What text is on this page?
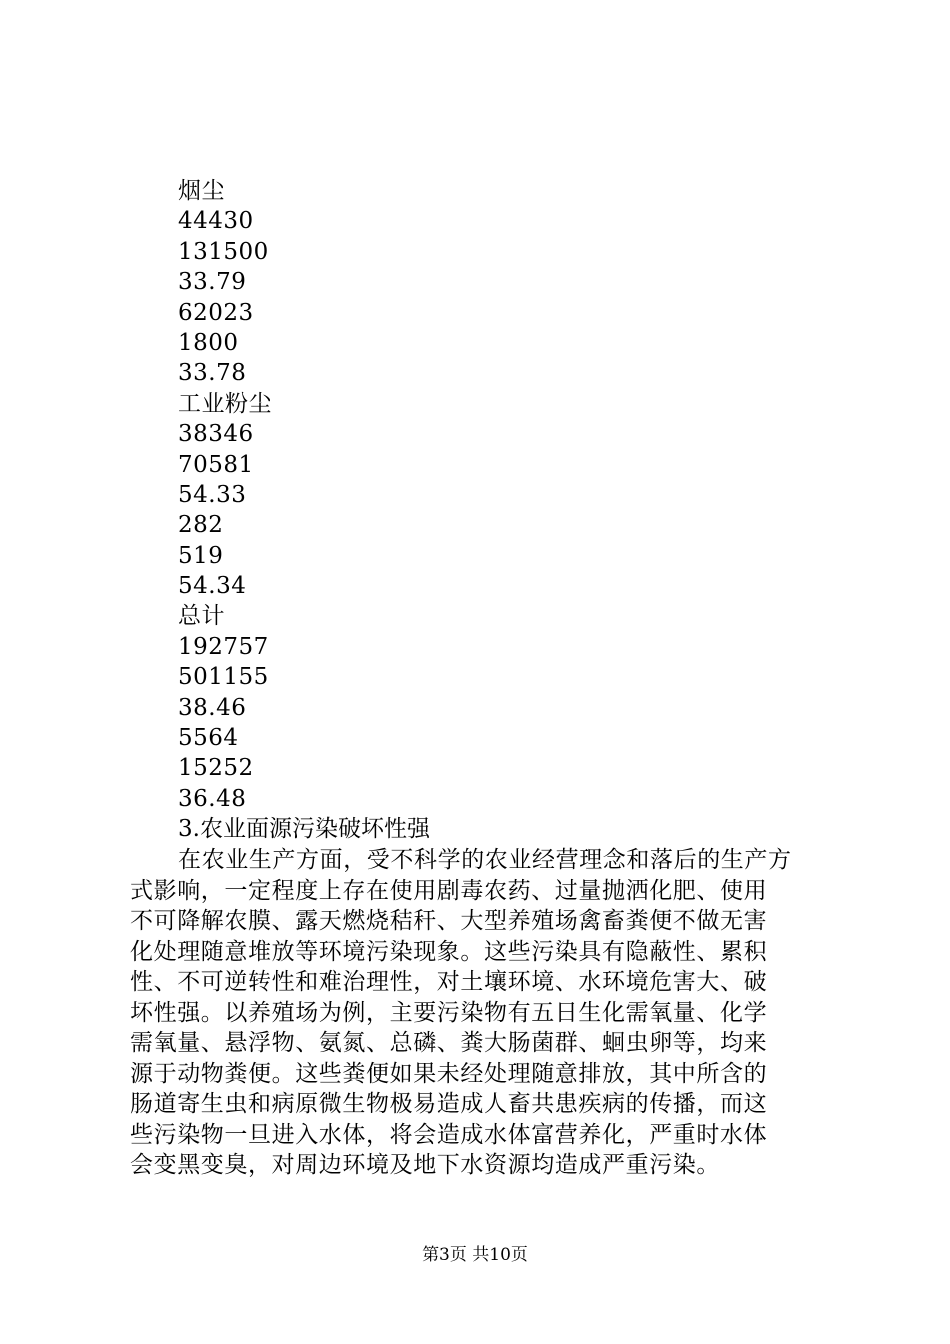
烟尘
44430
131500
33.79
62023
1800
33.78
工业粉尘
38346
70581
54.33
282
519
54.34
总计
192757
501155
38.46
5564
15252
36.48
3.农业面源污染破坏性强
在农业生产方面，受不科学的农业经营理念和落后的生产方
式影响，一定程度上存在使用剧毒农药、过量抛洒化肥、使用
不可降解农膜、露天燃烧秸秆、大型养殖场禽畜粪便不做无害
化处理随意堆放等环境污染现象。这些污染具有隐蔽性、累积
性、不可逆转性和难治理性，对土壤环境、水环境危害大、破
坏性强。以养殖场为例，主要污染物有五日生化需氧量、化学
需氧量、悬浮物、氨氮、总磷、粪大肠菌群、蛔虫卵等，均来
源于动物粪便。这些粪便如果未经处理随意排放，其中所含的
肠道寄生虫和病原微生物极易造成人畜共患疾病的传播，而这
些污染物一旦进入水体，将会造成水体富营养化，严重时水体
会变黑变臭，对周边环境及地下水资源均造成严重污染。
第3页 共10页
